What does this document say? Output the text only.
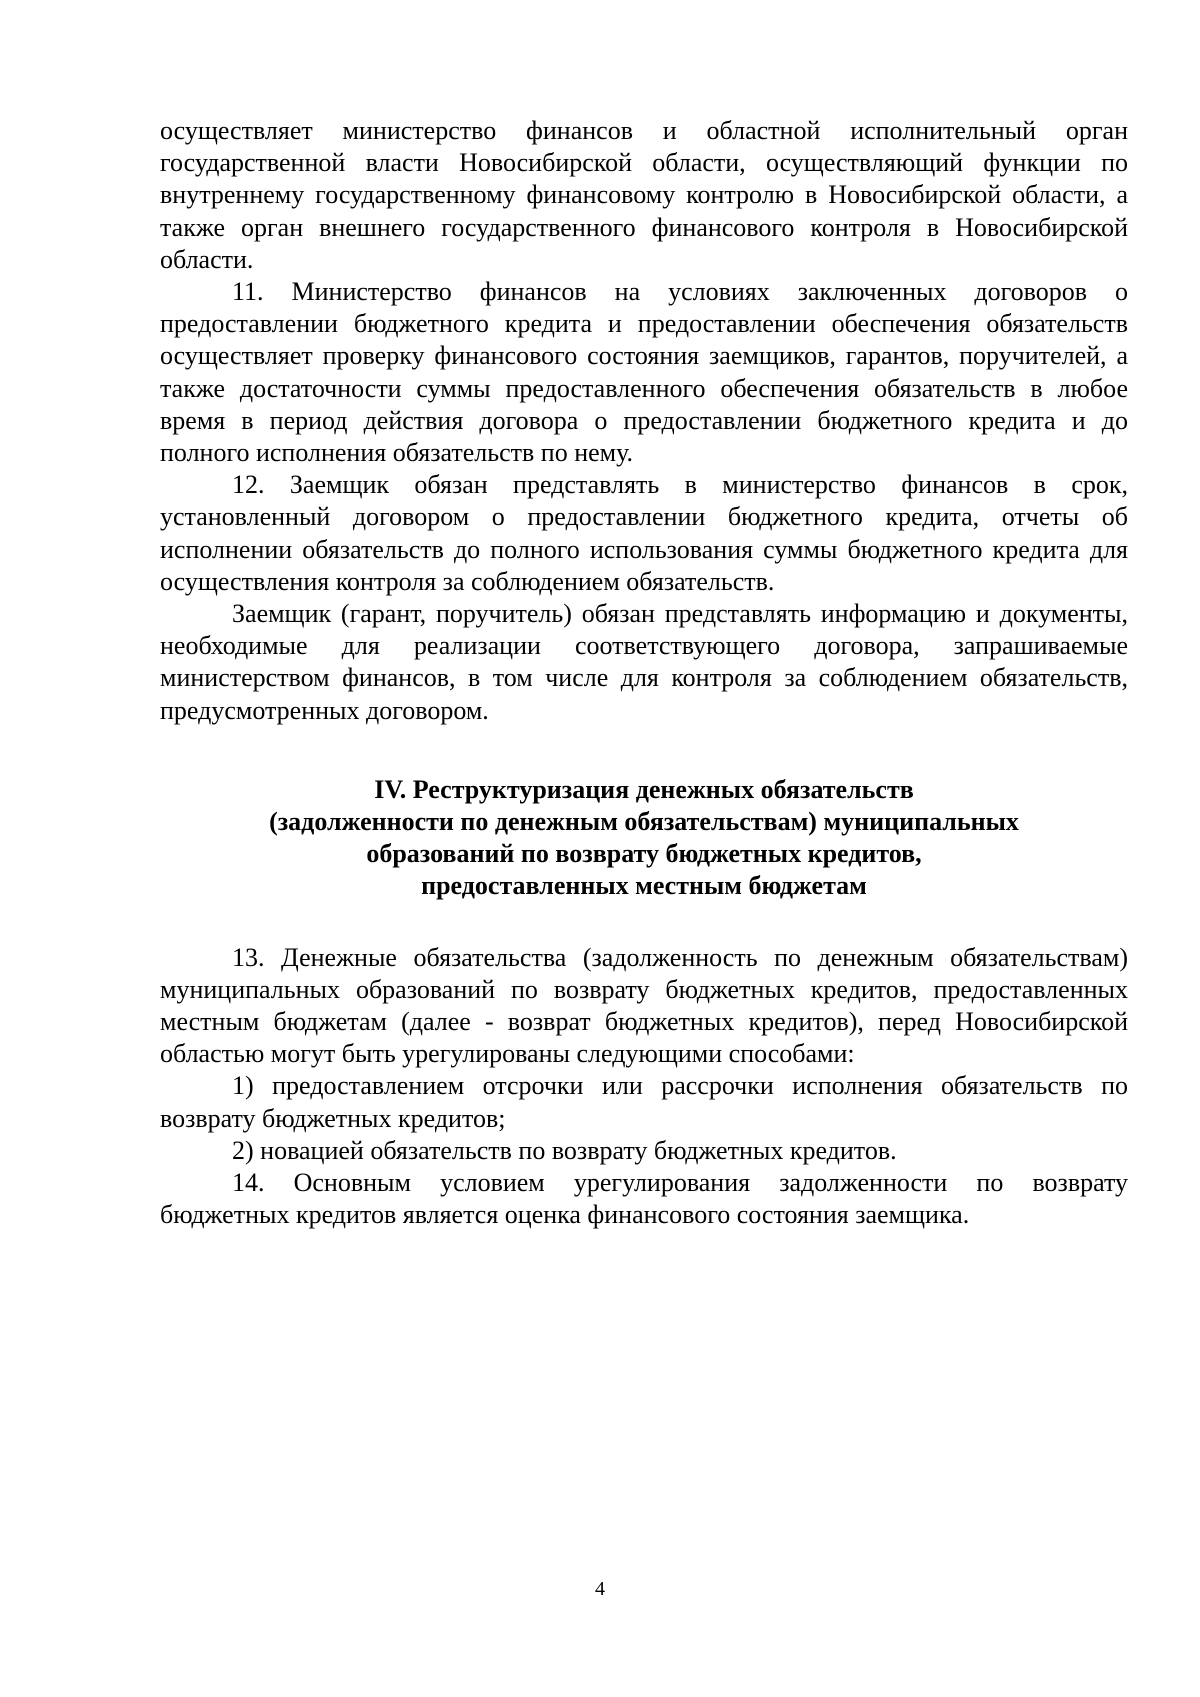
осуществляет министерство финансов и областной исполнительный орган государственной власти Новосибирской области, осуществляющий функции по внутреннему государственному финансовому контролю в Новосибирской области, а также орган внешнего государственного финансового контроля в Новосибирской области.

11. Министерство финансов на условиях заключенных договоров о предоставлении бюджетного кредита и предоставлении обеспечения обязательств осуществляет проверку финансового состояния заемщиков, гарантов, поручителей, а также достаточности суммы предоставленного обеспечения обязательств в любое время в период действия договора о предоставлении бюджетного кредита и до полного исполнения обязательств по нему.

12. Заемщик обязан представлять в министерство финансов в срок, установленный договором о предоставлении бюджетного кредита, отчеты об исполнении обязательств до полного использования суммы бюджетного кредита для осуществления контроля за соблюдением обязательств.

Заемщик (гарант, поручитель) обязан представлять информацию и документы, необходимые для реализации соответствующего договора, запрашиваемые министерством финансов, в том числе для контроля за соблюдением обязательств, предусмотренных договором.

IV. Реструктуризация денежных обязательств
(задолженности по денежным обязательствам) муниципальных
образований по возврату бюджетных кредитов,
предоставленных местным бюджетам

13. Денежные обязательства (задолженность по денежным обязательствам) муниципальных образований по возврату бюджетных кредитов, предоставленных местным бюджетам (далее - возврат бюджетных кредитов), перед Новосибирской областью могут быть урегулированы следующими способами:

1) предоставлением отсрочки или рассрочки исполнения обязательств по возврату бюджетных кредитов;

2) новацией обязательств по возврату бюджетных кредитов.

14. Основным условием урегулирования задолженности по возврату бюджетных кредитов является оценка финансового состояния заемщика.

4
